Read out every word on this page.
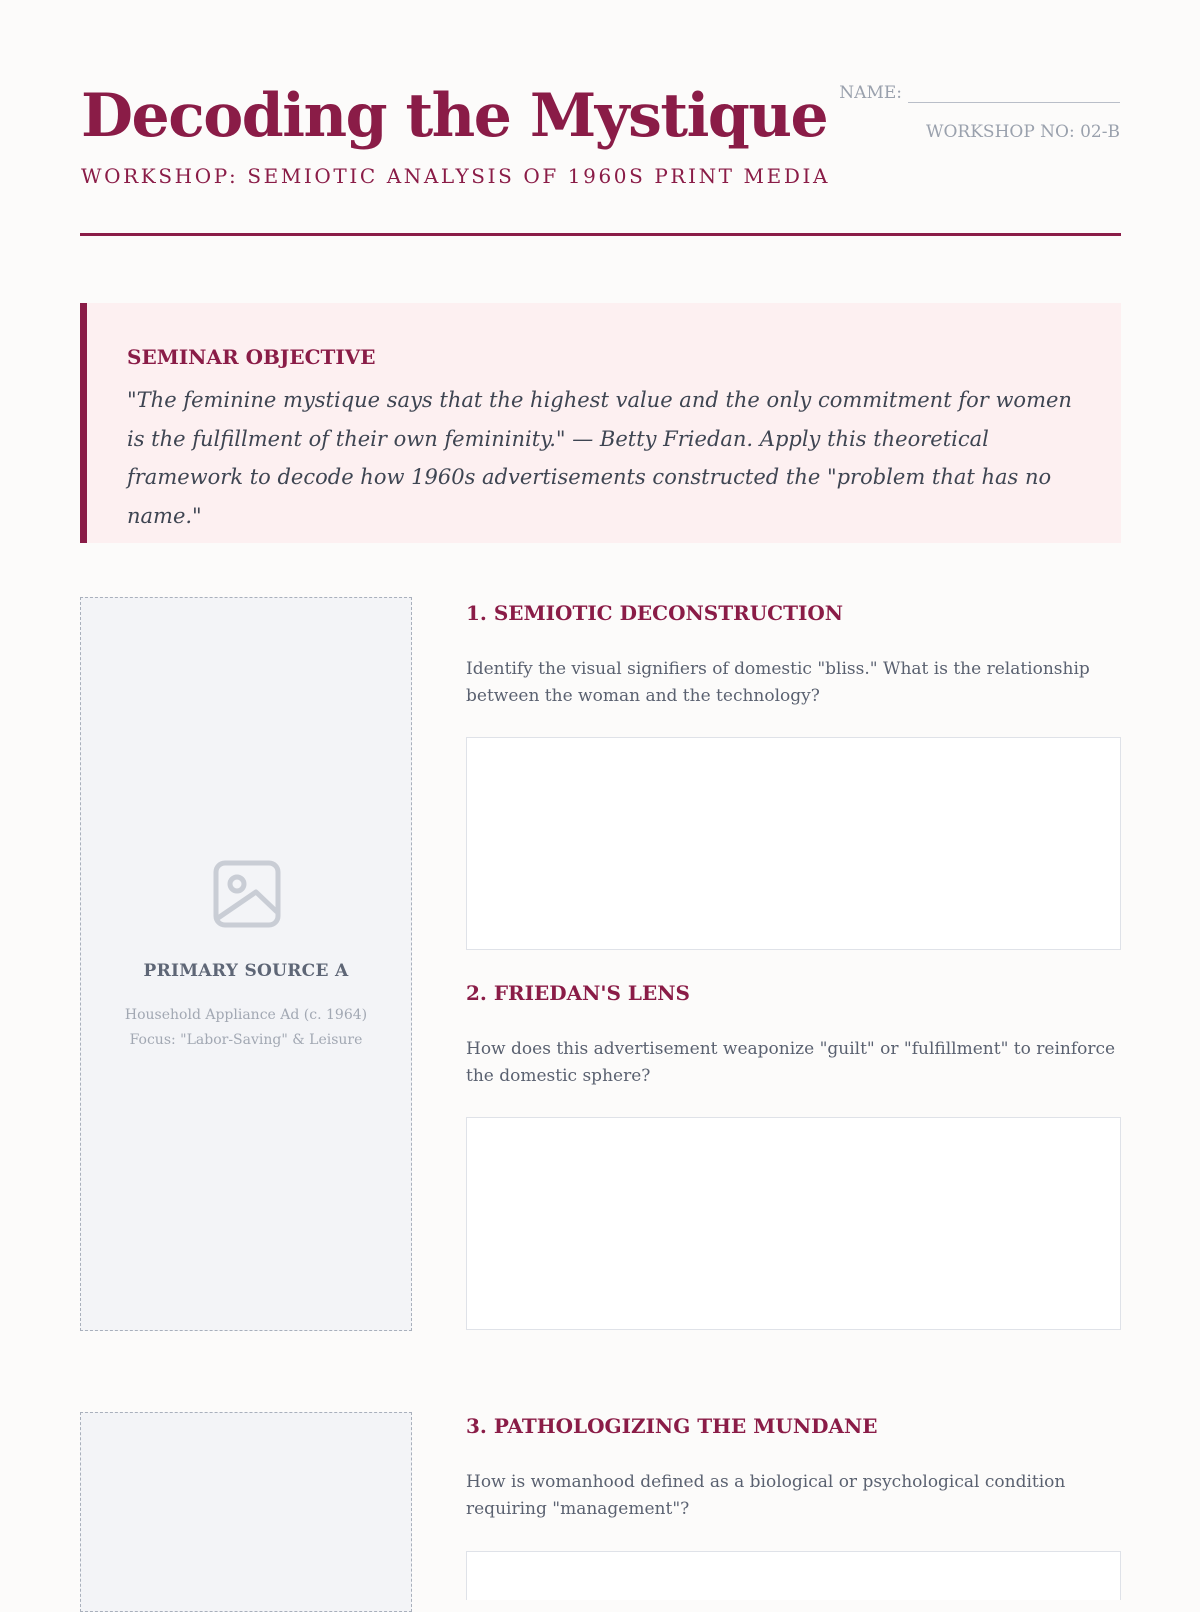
Decoding the Mystique
WORKSHOP: SEMIOTIC ANALYSIS OF 1960S PRINT MEDIA
NAME:
WORKSHOP NO: 02-B
SEMINAR OBJECTIVE

"The feminine mystique says that the highest value and the only commitment for women is the fulfillment of their own femininity." — Betty Friedan. Apply this theoretical framework to decode how 1960s advertisements constructed the "problem that has no name."

PRIMARY SOURCE A
Household Appliance Ad (c. 1964)
Focus: "Labor-Saving" & Leisure
1. SEMIOTIC DECONSTRUCTION

Identify the visual signifiers of domestic "bliss." What is the relationship between the woman and the technology?

2. FRIEDAN'S LENS

How does this advertisement weaponize "guilt" or "fulfillment" to reinforce the domestic sphere?

3. PATHOLOGIZING THE MUNDANE

How is womanhood defined as a biological or psychological condition requiring "management"?
